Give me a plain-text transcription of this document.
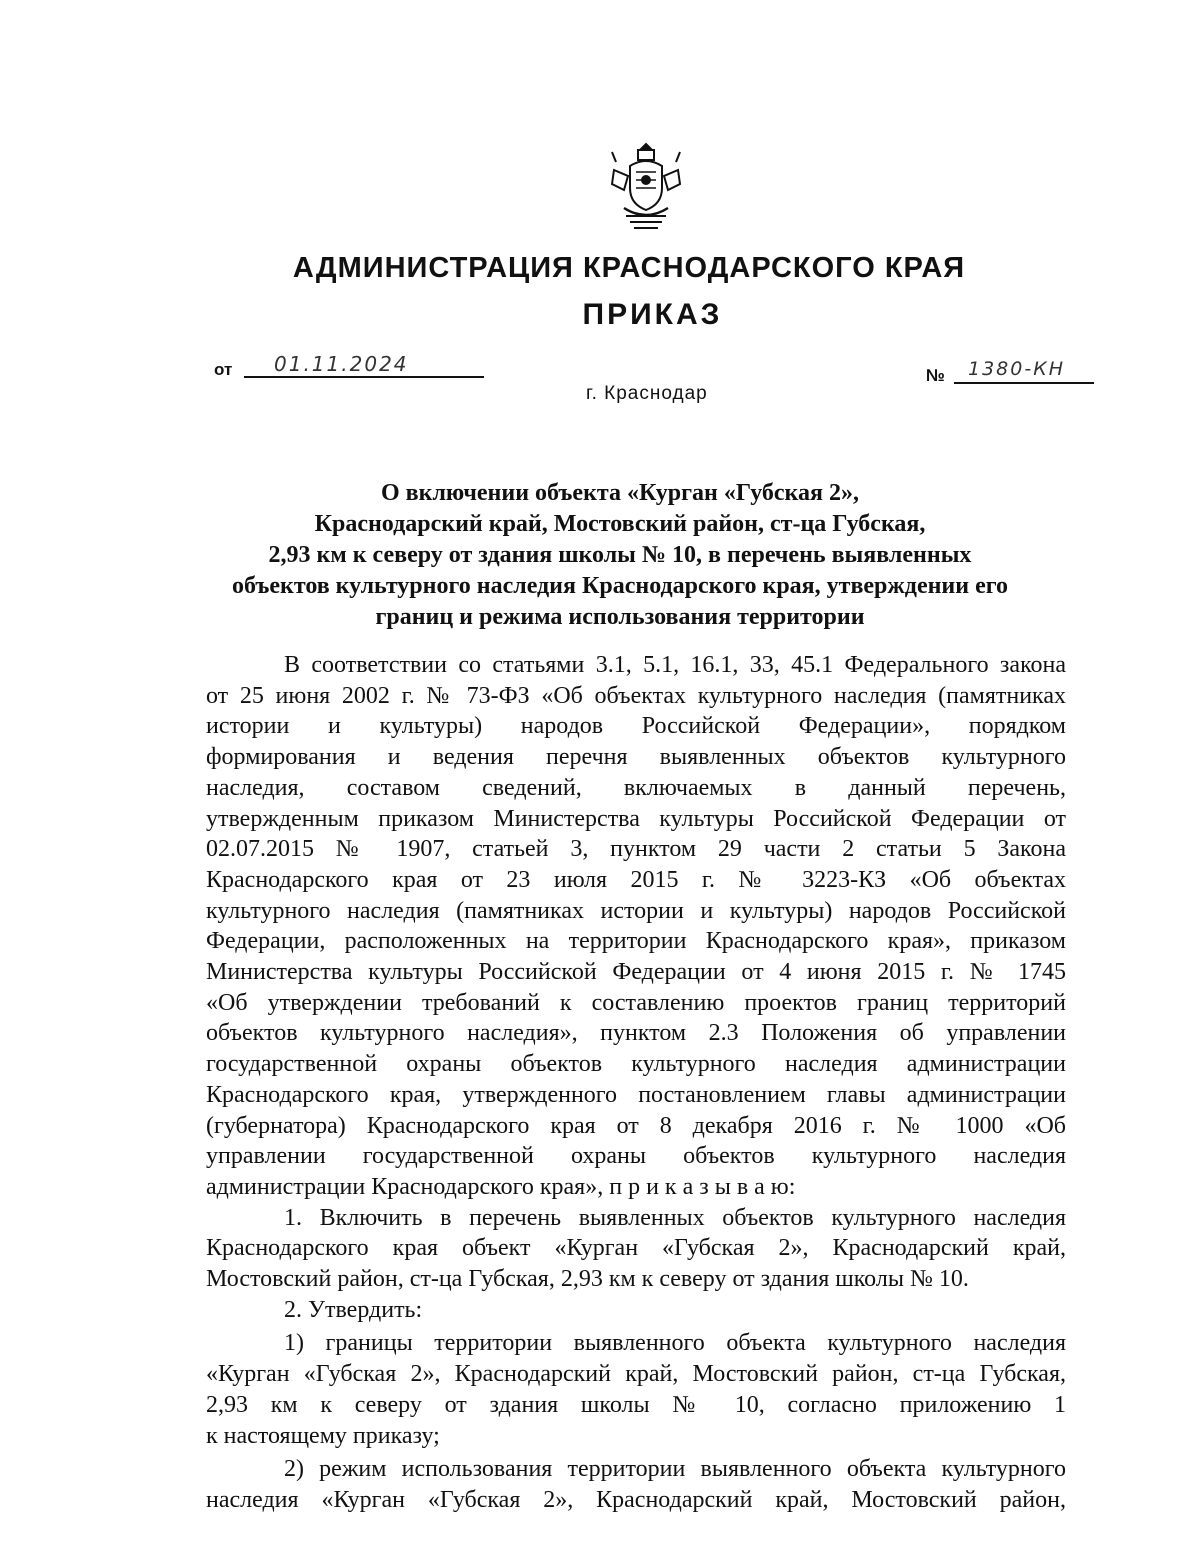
АДМИНИСТРАЦИЯ КРАСНОДАРСКОГО КРАЯ
ПРИКАЗ
от 01.11.2024
г. Краснодар
№ 1380-КН
О включении объекта «Курган «Губская 2»,
Краснодарский край, Мостовский район, ст-ца Губская,
2,93 км к северу от здания школы № 10, в перечень выявленных
объектов культурного наследия Краснодарского края, утверждении его
границ и режима использования территории

В соответствии со статьями 3.1, 5.1, 16.1, 33, 45.1 Федерального закона
от 25 июня 2002 г. № 73-ФЗ «Об объектах культурного наследия (памятниках
истории и культуры) народов Российской Федерации», порядком
формирования и ведения перечня выявленных объектов культурного
наследия, составом сведений, включаемых в данный перечень,
утвержденным приказом Министерства культуры Российской Федерации от
02.07.2015 № 1907, статьей 3, пунктом 29 части 2 статьи 5 Закона
Краснодарского края от 23 июля 2015 г. № 3223-КЗ «Об объектах
культурного наследия (памятниках истории и культуры) народов Российской
Федерации, расположенных на территории Краснодарского края», приказом
Министерства культуры Российской Федерации от 4 июня 2015 г. № 1745
«Об утверждении требований к составлению проектов границ территорий
объектов культурного наследия», пунктом 2.3 Положения об управлении
государственной охраны объектов культурного наследия администрации
Краснодарского края, утвержденного постановлением главы администрации
(губернатора) Краснодарского края от 8 декабря 2016 г. № 1000 «Об
управлении государственной охраны объектов культурного наследия
администрации Краснодарского края», п р и к а з ы в а ю:

1. Включить в перечень выявленных объектов культурного наследия
Краснодарского края объект «Курган «Губская 2», Краснодарский край,
Мостовский район, ст-ца Губская, 2,93 км к северу от здания школы № 10.

2. Утвердить:

1) границы территории выявленного объекта культурного наследия
«Курган «Губская 2», Краснодарский край, Мостовский район, ст-ца Губская,
2,93 км к северу от здания школы № 10, согласно приложению 1
к настоящему приказу;

2) режим использования территории выявленного объекта культурного
наследия «Курган «Губская 2», Краснодарский край, Мостовский район,
